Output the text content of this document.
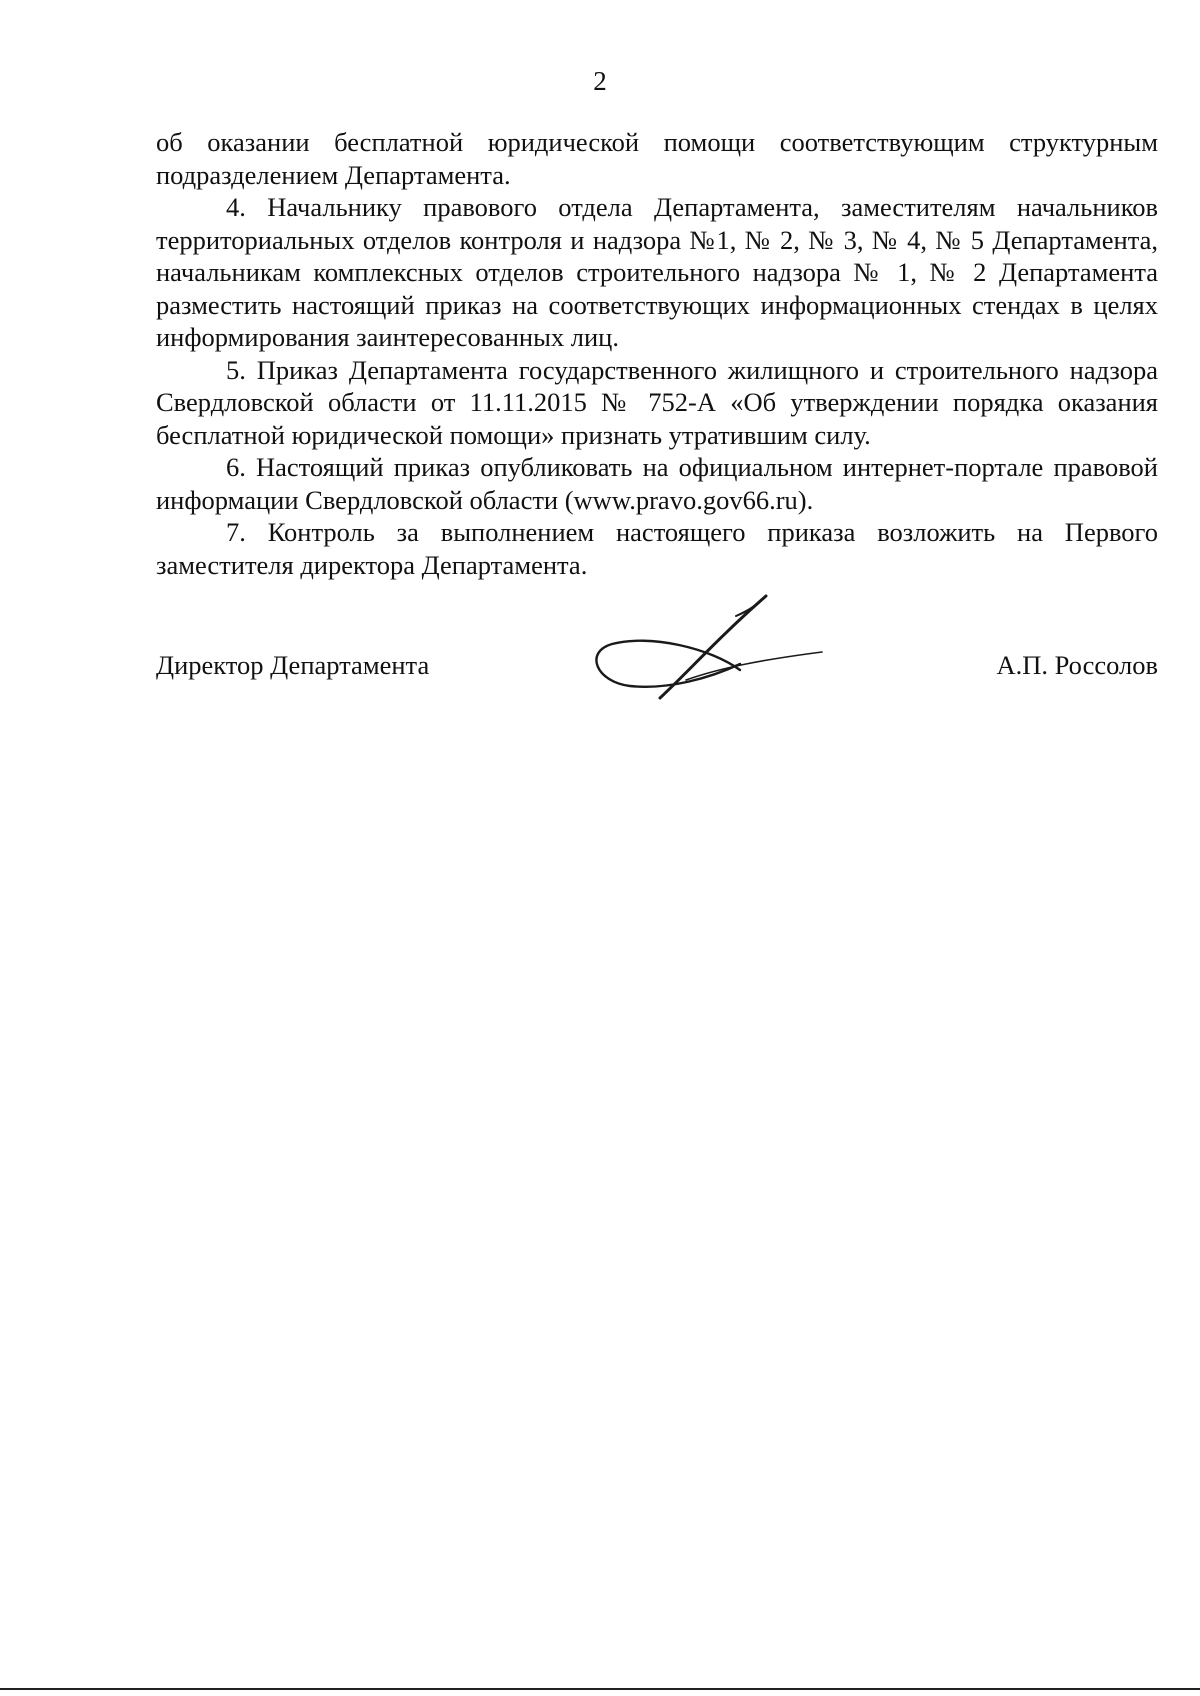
2

об оказании бесплатной юридической помощи соответствующим структурным подразделением Департамента.

4. Начальнику правового отдела Департамента, заместителям начальников территориальных отделов контроля и надзора №1, № 2, № 3, № 4, № 5 Департамента, начальникам комплексных отделов строительного надзора № 1, № 2 Департамента разместить настоящий приказ на соответствующих информационных стендах в целях информирования заинтересованных лиц.

5. Приказ Департамента государственного жилищного и строительного надзора Свердловской области от 11.11.2015 № 752-А «Об утверждении порядка оказания бесплатной юридической помощи» признать утратившим силу.

6. Настоящий приказ опубликовать на официальном интернет-портале правовой информации Свердловской области (www.pravo.gov66.ru).

7. Контроль за выполнением настоящего приказа возложить на Первого заместителя директора Департамента.

Директор Департамента	А.П. Россолов
